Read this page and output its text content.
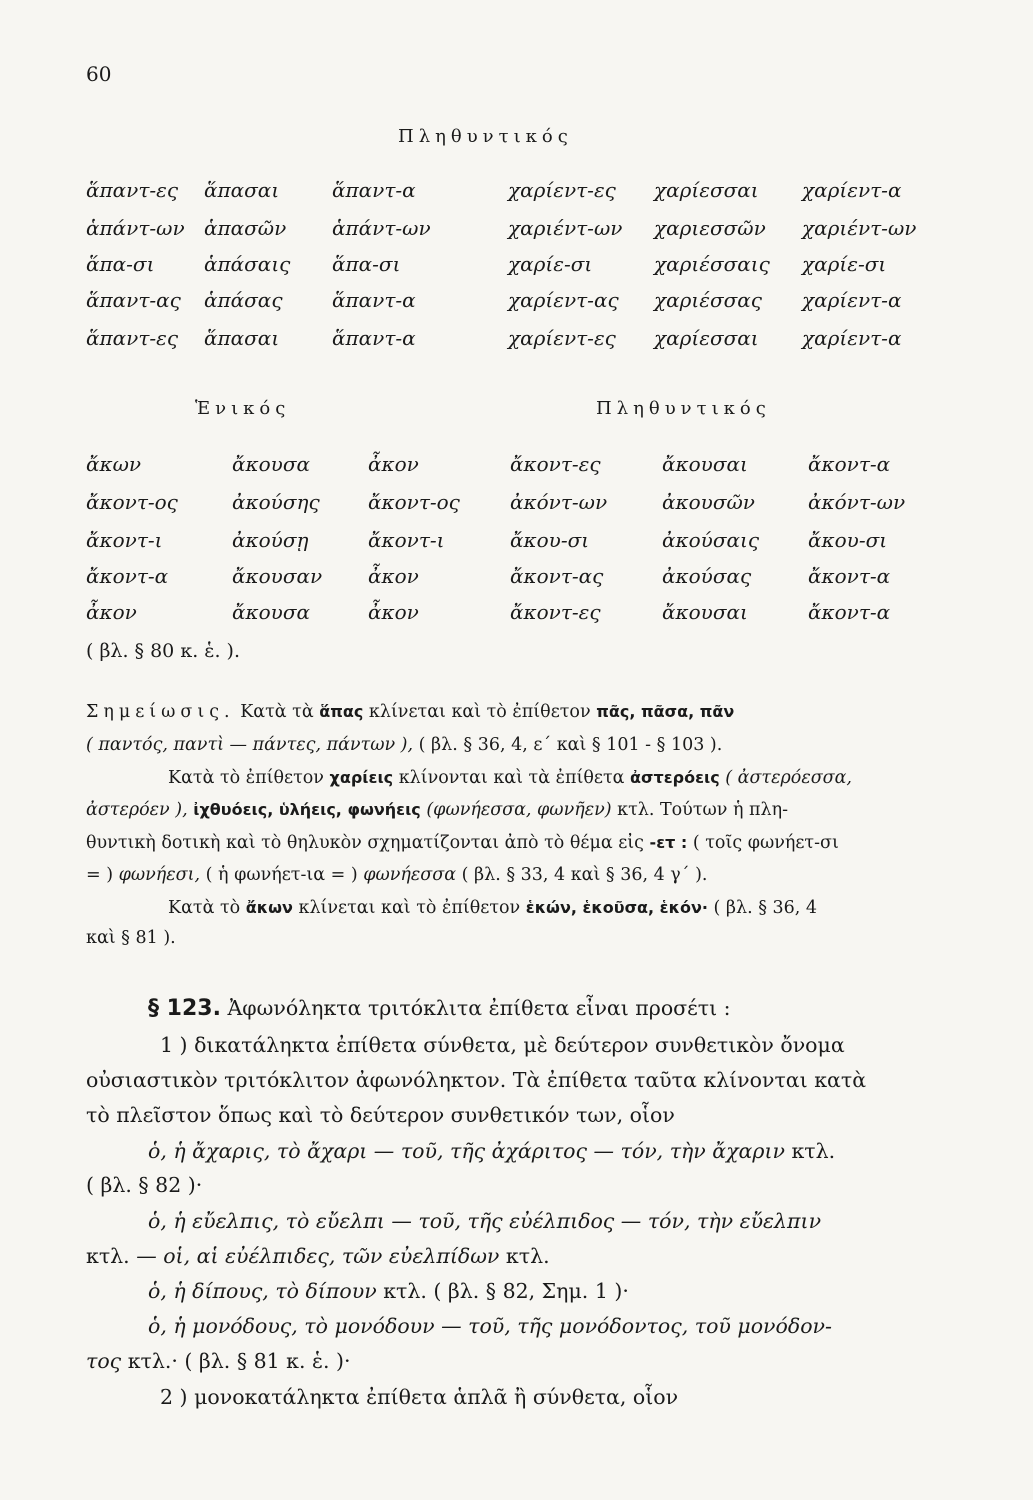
60
Πληθυντικός
ἅπαντ-ες ἅπασαι	ἅπαντ-α	χαρίεντ-ες χαρίεσσαι χαρίεντ-α
ἁπάντ-ων ἁπασῶν ἁπάντ-ων	χαριέντ-ων χαριεσσῶν χαριέντ-ων
ἅπα-σι ἁπάσαις ἅπα-σι	χαρίε-σι	χαριέσσαις χαρίε-σι
ἅπαντ-ας ἁπάσας ἅπαντ-α	χαρίεντ-ας χαριέσσας χαρίεντ-α
ἅπαντ-ες ἅπασαι	ἅπαντ-α	χαρίεντ-ες χαρίεσσαι χαρίεντ-α
Ἑνικός	Πληθυντικός
ἄκων	ἄκουσα	ἆκον	ἄκοντ-ες	ἄκουσαι	ἄκοντ-α
ἄκοντ-ος	ἀκούσης ἄκοντ-ος	ἀκόντ-ων	ἀκουσῶν	ἀκόντ-ων
ἄκοντ-ι	ἀκούσῃ	ἄκοντ-ι	ἄκου-σι	ἀκούσαις ἄκου-σι
ἄκοντ-α	ἄκουσαν ἆκον	ἄκοντ-ας	ἀκούσας	ἄκοντ-α
ἆκον	ἄκουσα	ἆκον	ἄκοντ-ες	ἄκουσαι	ἄκοντ-α
( βλ. § 80 κ. ἑ. ).

Σημείωσις. Κατὰ τὰ ἅπας κλίνεται καὶ τὸ ἐπίθετον πᾶς, πᾶσα, πᾶν

( παντός, παντὶ — πάντες, πάντων ), ( βλ. § 36, 4, ε΄ καὶ § 101 - § 103 ).

Κατὰ τὸ ἐπίθετον χαρίεις κλίνονται καὶ τὰ ἐπίθετα ἀστερόεις ( ἀστερόεσσα,

ἀστερόεν ), ἰχθυόεις, ὑλήεις, φωνήεις (φωνήεσσα, φωνῆεν) κτλ. Τούτων ἡ πλη-

θυντικὴ δοτικὴ καὶ τὸ θηλυκὸν σχηματίζονται ἀπὸ τὸ θέμα εἰς -ετ : ( τοῖς φωνήετ-σι

= ) φωνήεσι, ( ἡ φωνήετ-ια = ) φωνήεσσα ( βλ. § 33, 4 καὶ § 36, 4 γ΄ ).

Κατὰ τὸ ἄκων κλίνεται καὶ τὸ ἐπίθετον ἑκών, ἑκοῦσα, ἑκόν· ( βλ. § 36, 4

καὶ § 81 ).

§ 123. Ἀφωνόληκτα τριτόκλιτα ἐπίθετα εἶναι προσέτι :

1 ) δικατάληκτα ἐπίθετα σύνθετα, μὲ δεύτερον συνθετικὸν ὄνομα

οὐσιαστικὸν τριτόκλιτον ἀφωνόληκτον. Τὰ ἐπίθετα ταῦτα κλίνονται κατὰ

τὸ πλεῖστον ὅπως καὶ τὸ δεύτερον συνθετικόν των, οἷον

ὁ, ἡ ἄχαρις, τὸ ἄχαρι — τοῦ, τῆς ἀχάριτος — τόν, τὴν ἄχαριν κτλ.

( βλ. § 82 )·

ὁ, ἡ εὔελπις, τὸ εὔελπι — τοῦ, τῆς εὐέλπιδος — τόν, τὴν εὔελπιν

κτλ. — οἱ, αἱ εὐέλπιδες, τῶν εὐελπίδων κτλ.

ὁ, ἡ δίπους, τὸ δίπουν κτλ. ( βλ. § 82, Σημ. 1 )·

ὁ, ἡ μονόδους, τὸ μονόδουν — τοῦ, τῆς μονόδοντος, τοῦ μονόδον-

τος κτλ.· ( βλ. § 81 κ. ἑ. )·

2 ) μονοκατάληκτα ἐπίθετα ἁπλᾶ ἢ σύνθετα, οἷον
